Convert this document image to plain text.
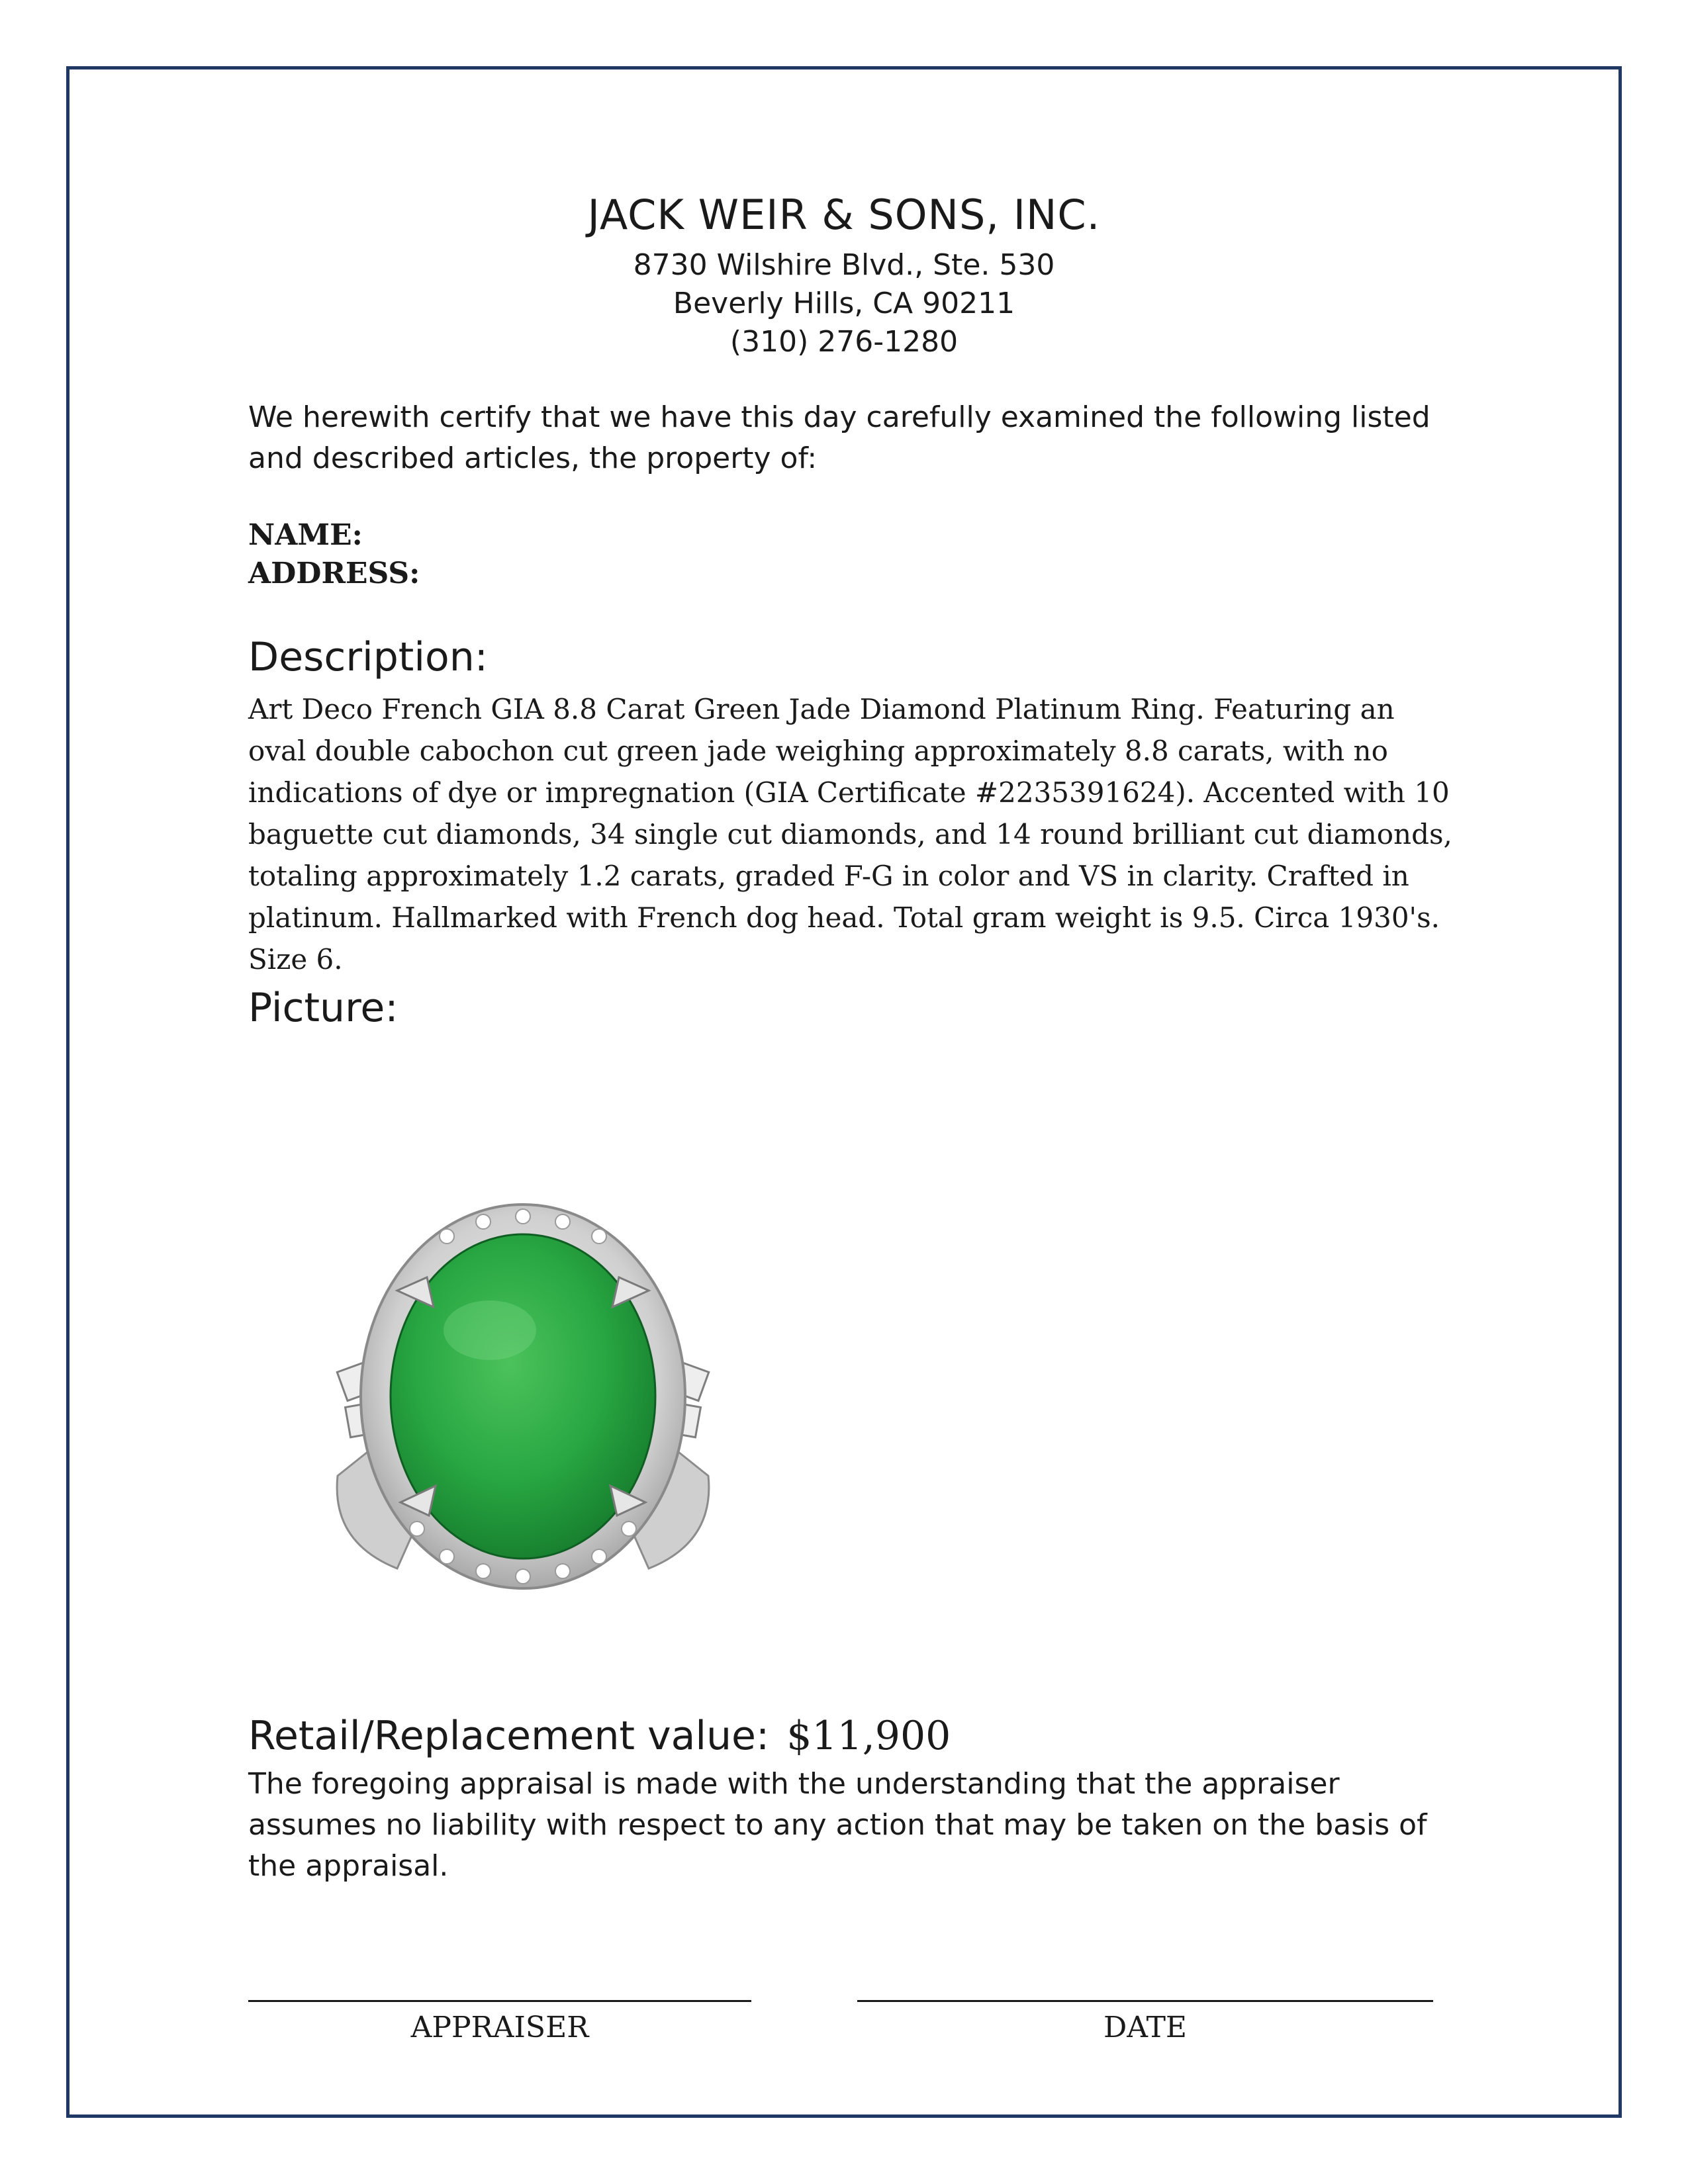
JACK WEIR & SONS, INC.
8730 Wilshire Blvd., Ste. 530
Beverly Hills, CA 90211
(310) 276-1280
We herewith certify that we have this day carefully examined the following listed and described articles, the property of:
NAME:
ADDRESS:
Description:
Art Deco French GIA 8.8 Carat Green Jade Diamond Platinum Ring. Featuring an oval double cabochon cut green jade weighing approximately 8.8 carats, with no indications of dye or impregnation (GIA Certificate #2235391624). Accented with 10 baguette cut diamonds, 34 single cut diamonds, and 14 round brilliant cut diamonds, totaling approximately 1.2 carats, graded F-G in color and VS in clarity. Crafted in platinum. Hallmarked with French dog head. Total gram weight is 9.5. Circa 1930's. Size 6.
Picture:
Retail/Replacement value: $11,900
The foregoing appraisal is made with the understanding that the appraiser assumes no liability with respect to any action that may be taken on the basis of the appraisal.
APPRAISER	DATE
